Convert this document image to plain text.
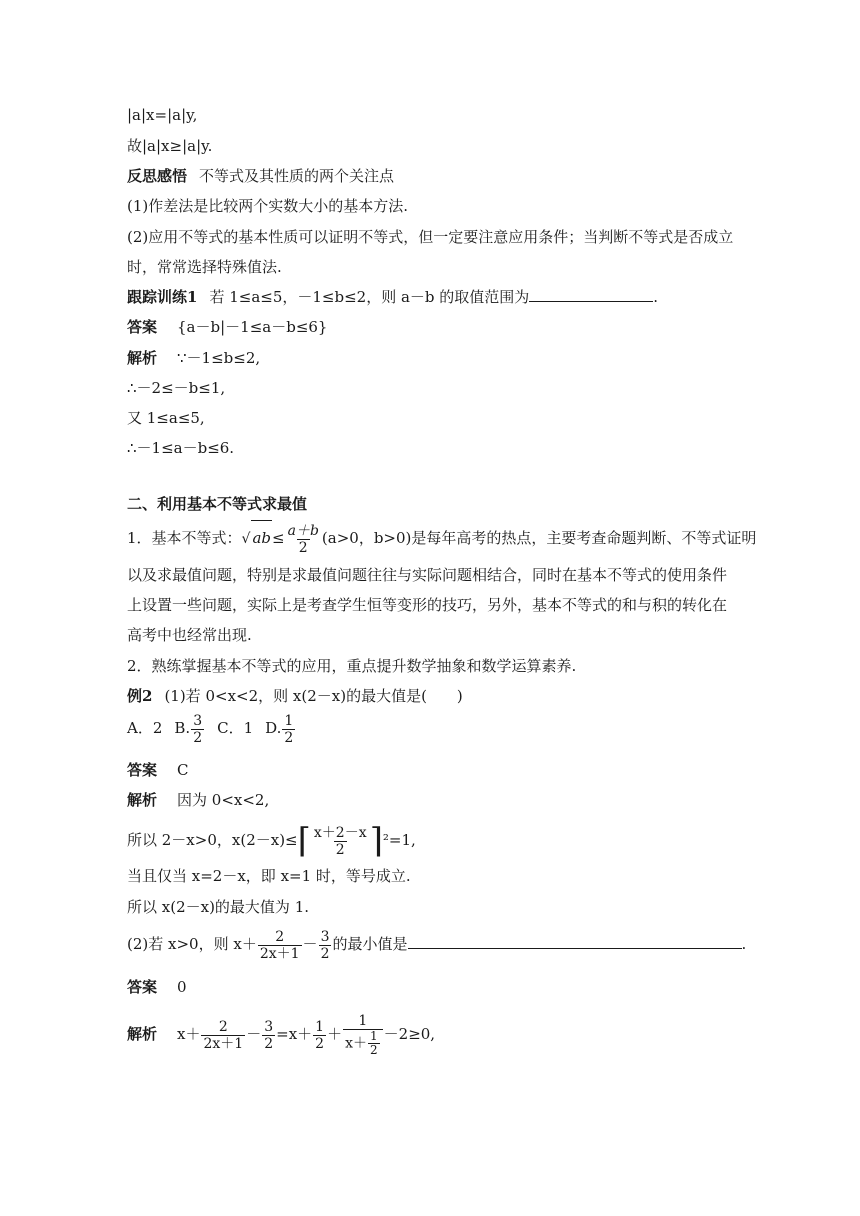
|a|x=|a|y,
故|a|x≥|a|y.
反思感悟 不等式及其性质的两个关注点
(1)作差法是比较两个实数大小的基本方法.
(2)应用不等式的基本性质可以证明不等式，但一定要注意应用条件；当判断不等式是否成立
时，常常选择特殊值法.
跟踪训练1 若 1≤a≤5，－1≤b≤2，则 a－b 的取值范围为	.
答案 {a－b|－1≤a－b≤6}
解析 ∵－1≤b≤2,
∴－2≤－b≤1,
又 1≤a≤5,
∴－1≤a－b≤6.
二、利用基本不等式求最值
1．基本不等式：√ $ab\le \frac{a+b}{2} (a>0$，b>0)是每年高考的热点，主要考查命题判断、不等式证明
以及求最值问题，特别是求最值问题往往与实际问题相结合，同时在基本不等式的使用条件
上设置一些问题，实际上是考查学生恒等变形的技巧，另外，基本不等式的和与积的转化在
高考中也经常出现.
2．熟练掌握基本不等式的应用，重点提升数学抽象和数学运算素养.
例2 (1)若 0<x<2，则 x(2－x)的最大值是(　　)
A．2 B. $\frac{3}{2}$ C．1 D. $\frac{1}{2}$
答案 C
解析 因为 0<x<2,
所以 2－x>0，x(2－x)≤⌈ $\frac{x+2-x}{2}$ ⌉²=1,
当且仅当 x=2－x，即 x=1 时，等号成立.
所以 x(2－x)的最大值为 1.
(2)若 x>0，则 $x+ \frac{2}{2x+1} - \frac{3}{2}$ 的最小值是	.
答案 0
解析 $x+ \frac{2}{2x+1} - \frac{3}{2} =x+ \frac{1}{2} + \frac{1}{x+ \frac{1}{2}} -2\ge 0$,
